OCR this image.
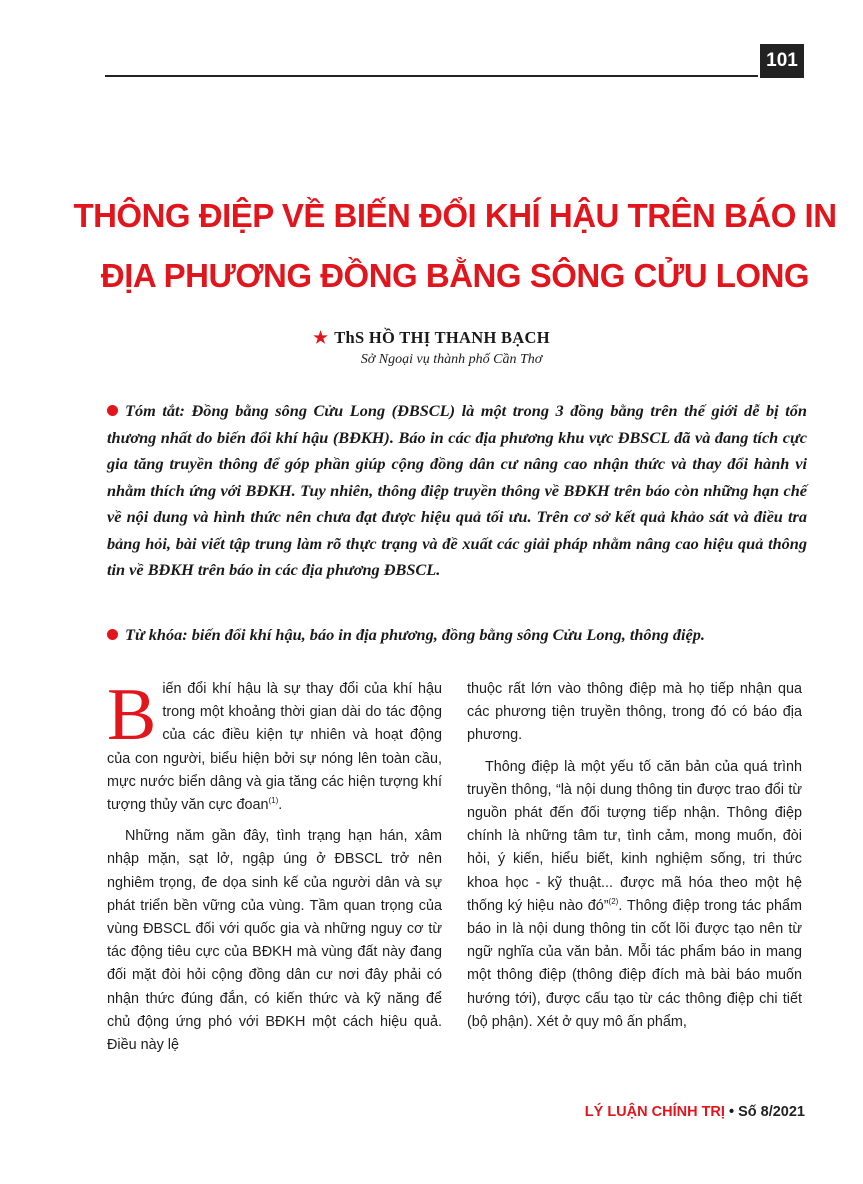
101
THÔNG ĐIỆP VỀ BIẾN ĐỔI KHÍ HẬU TRÊN BÁO IN
ĐỊA PHƯƠNG ĐỒNG BẰNG SÔNG CỬU LONG
★ ThS HỒ THỊ THANH BẠCH
Sở Ngoại vụ thành phố Cần Thơ

Tóm tắt: Đồng bằng sông Cửu Long (ĐBSCL) là một trong 3 đồng bằng trên thế giới dễ bị tổn thương nhất do biến đổi khí hậu (BĐKH). Báo in các địa phương khu vực ĐBSCL đã và đang tích cực gia tăng truyền thông để góp phần giúp cộng đồng dân cư nâng cao nhận thức và thay đổi hành vi nhằm thích ứng với BĐKH. Tuy nhiên, thông điệp truyền thông về BĐKH trên báo còn những hạn chế về nội dung và hình thức nên chưa đạt được hiệu quả tối ưu. Trên cơ sở kết quả khảo sát và điều tra bảng hỏi, bài viết tập trung làm rõ thực trạng và đề xuất các giải pháp nhằm nâng cao hiệu quả thông tin về BĐKH trên báo in các địa phương ĐBSCL.

Từ khóa: biến đổi khí hậu, báo in địa phương, đồng bằng sông Cửu Long, thông điệp.

Biến đổi khí hậu là sự thay đổi của khí hậu trong một khoảng thời gian dài do tác động của các điều kiện tự nhiên và hoạt động của con người, biểu hiện bởi sự nóng lên toàn cầu, mực nước biển dâng và gia tăng các hiện tượng khí tượng thủy văn cực đoan$^{(1)}$.

Những năm gần đây, tình trạng hạn hán, xâm nhập mặn, sạt lở, ngập úng ở ĐBSCL trở nên nghiêm trọng, đe dọa sinh kế của người dân và sự phát triển bền vững của vùng. Tầm quan trọng của vùng ĐBSCL đối với quốc gia và những nguy cơ từ tác động tiêu cực của BĐKH mà vùng đất này đang đối mặt đòi hỏi cộng đồng dân cư nơi đây phải có nhận thức đúng đắn, có kiến thức và kỹ năng để chủ động ứng phó với BĐKH một cách hiệu quả. Điều này lệ

thuộc rất lớn vào thông điệp mà họ tiếp nhận qua các phương tiện truyền thông, trong đó có báo địa phương.

Thông điệp là một yếu tố căn bản của quá trình truyền thông, “là nội dung thông tin được trao đổi từ nguồn phát đến đối tượng tiếp nhận. Thông điệp chính là những tâm tư, tình cảm, mong muốn, đòi hỏi, ý kiến, hiểu biết, kinh nghiệm sống, tri thức khoa học - kỹ thuật... được mã hóa theo một hệ thống ký hiệu nào đó”$^{(2)}$. Thông điệp trong tác phẩm báo in là nội dung thông tin cốt lõi được tạo nên từ ngữ nghĩa của văn bản. Mỗi tác phẩm báo in mang một thông điệp (thông điệp đích mà bài báo muốn hướng tới), được cấu tạo từ các thông điệp chi tiết (bộ phận). Xét ở quy mô ấn phẩm,

LÝ LUẬN CHÍNH TRỊ • Số 8/2021
